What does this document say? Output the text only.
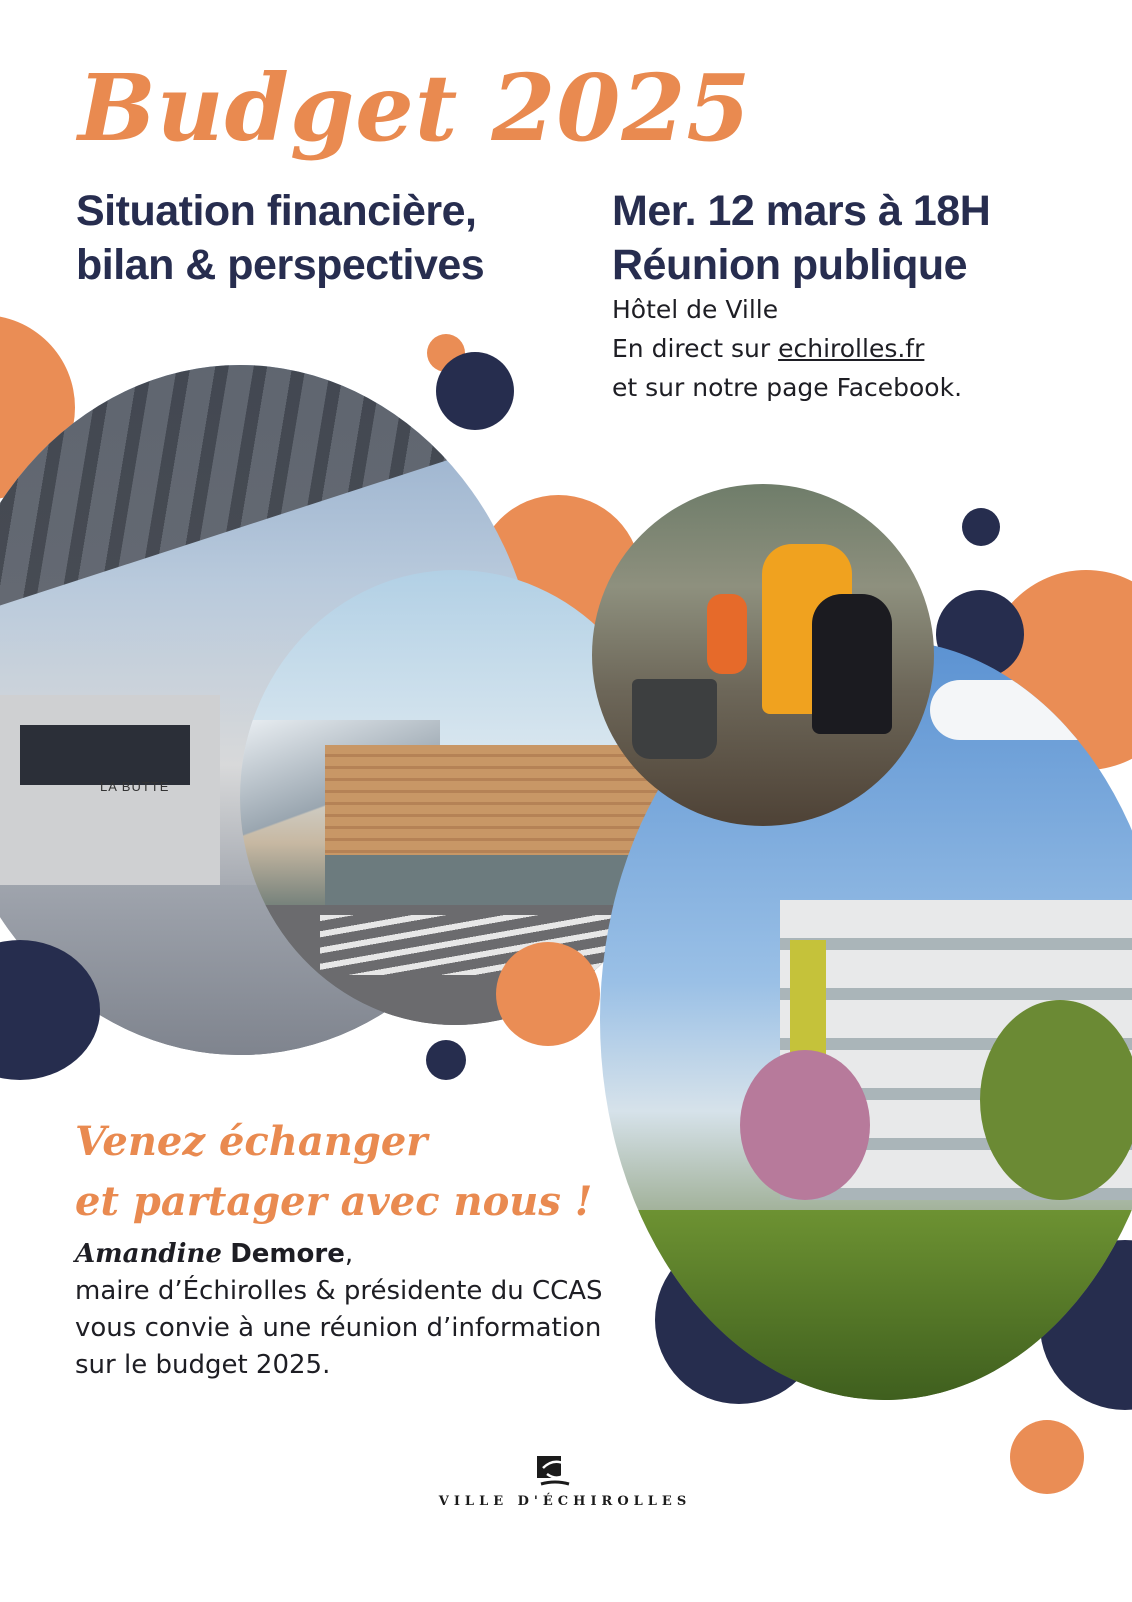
Budget 2025
Situation financière,
bilan & perspectives
Mer. 12 mars à 18H
Réunion publique
Hôtel de Ville
En direct sur echirolles.fr
et sur notre page Facebook.
LA BUTTE
Venez échanger
et partager avec nous !
Amandine Demore,
maire d’Échirolles & présidente du CCAS
vous convie à une réunion d’information
sur le budget 2025.
VILLE D'ÉCHIROLLES
